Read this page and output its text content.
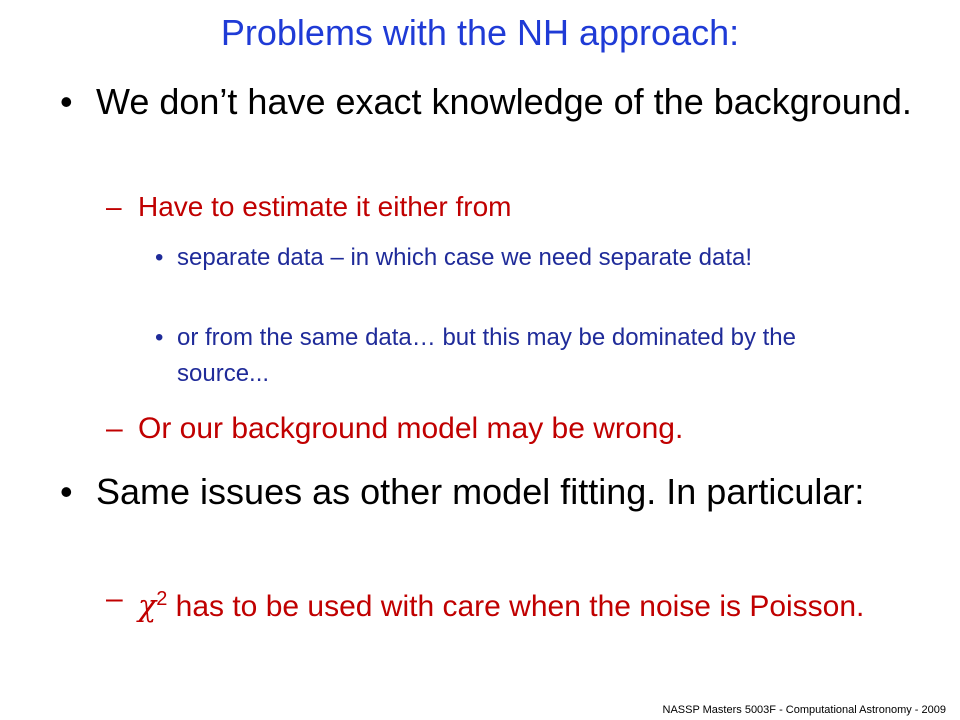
Problems with the NH approach:
• We don’t have exact knowledge of the background.
– Have to estimate it either from
• separate data – in which case we need separate data!
• or from the same data… but this may be dominated by the source...
– Or our background model may be wrong.
• Same issues as other model fitting. In particular:
– $\chi^2$ has to be used with care when the noise is Poisson.
NASSP Masters 5003F - Computational Astronomy - 2009
